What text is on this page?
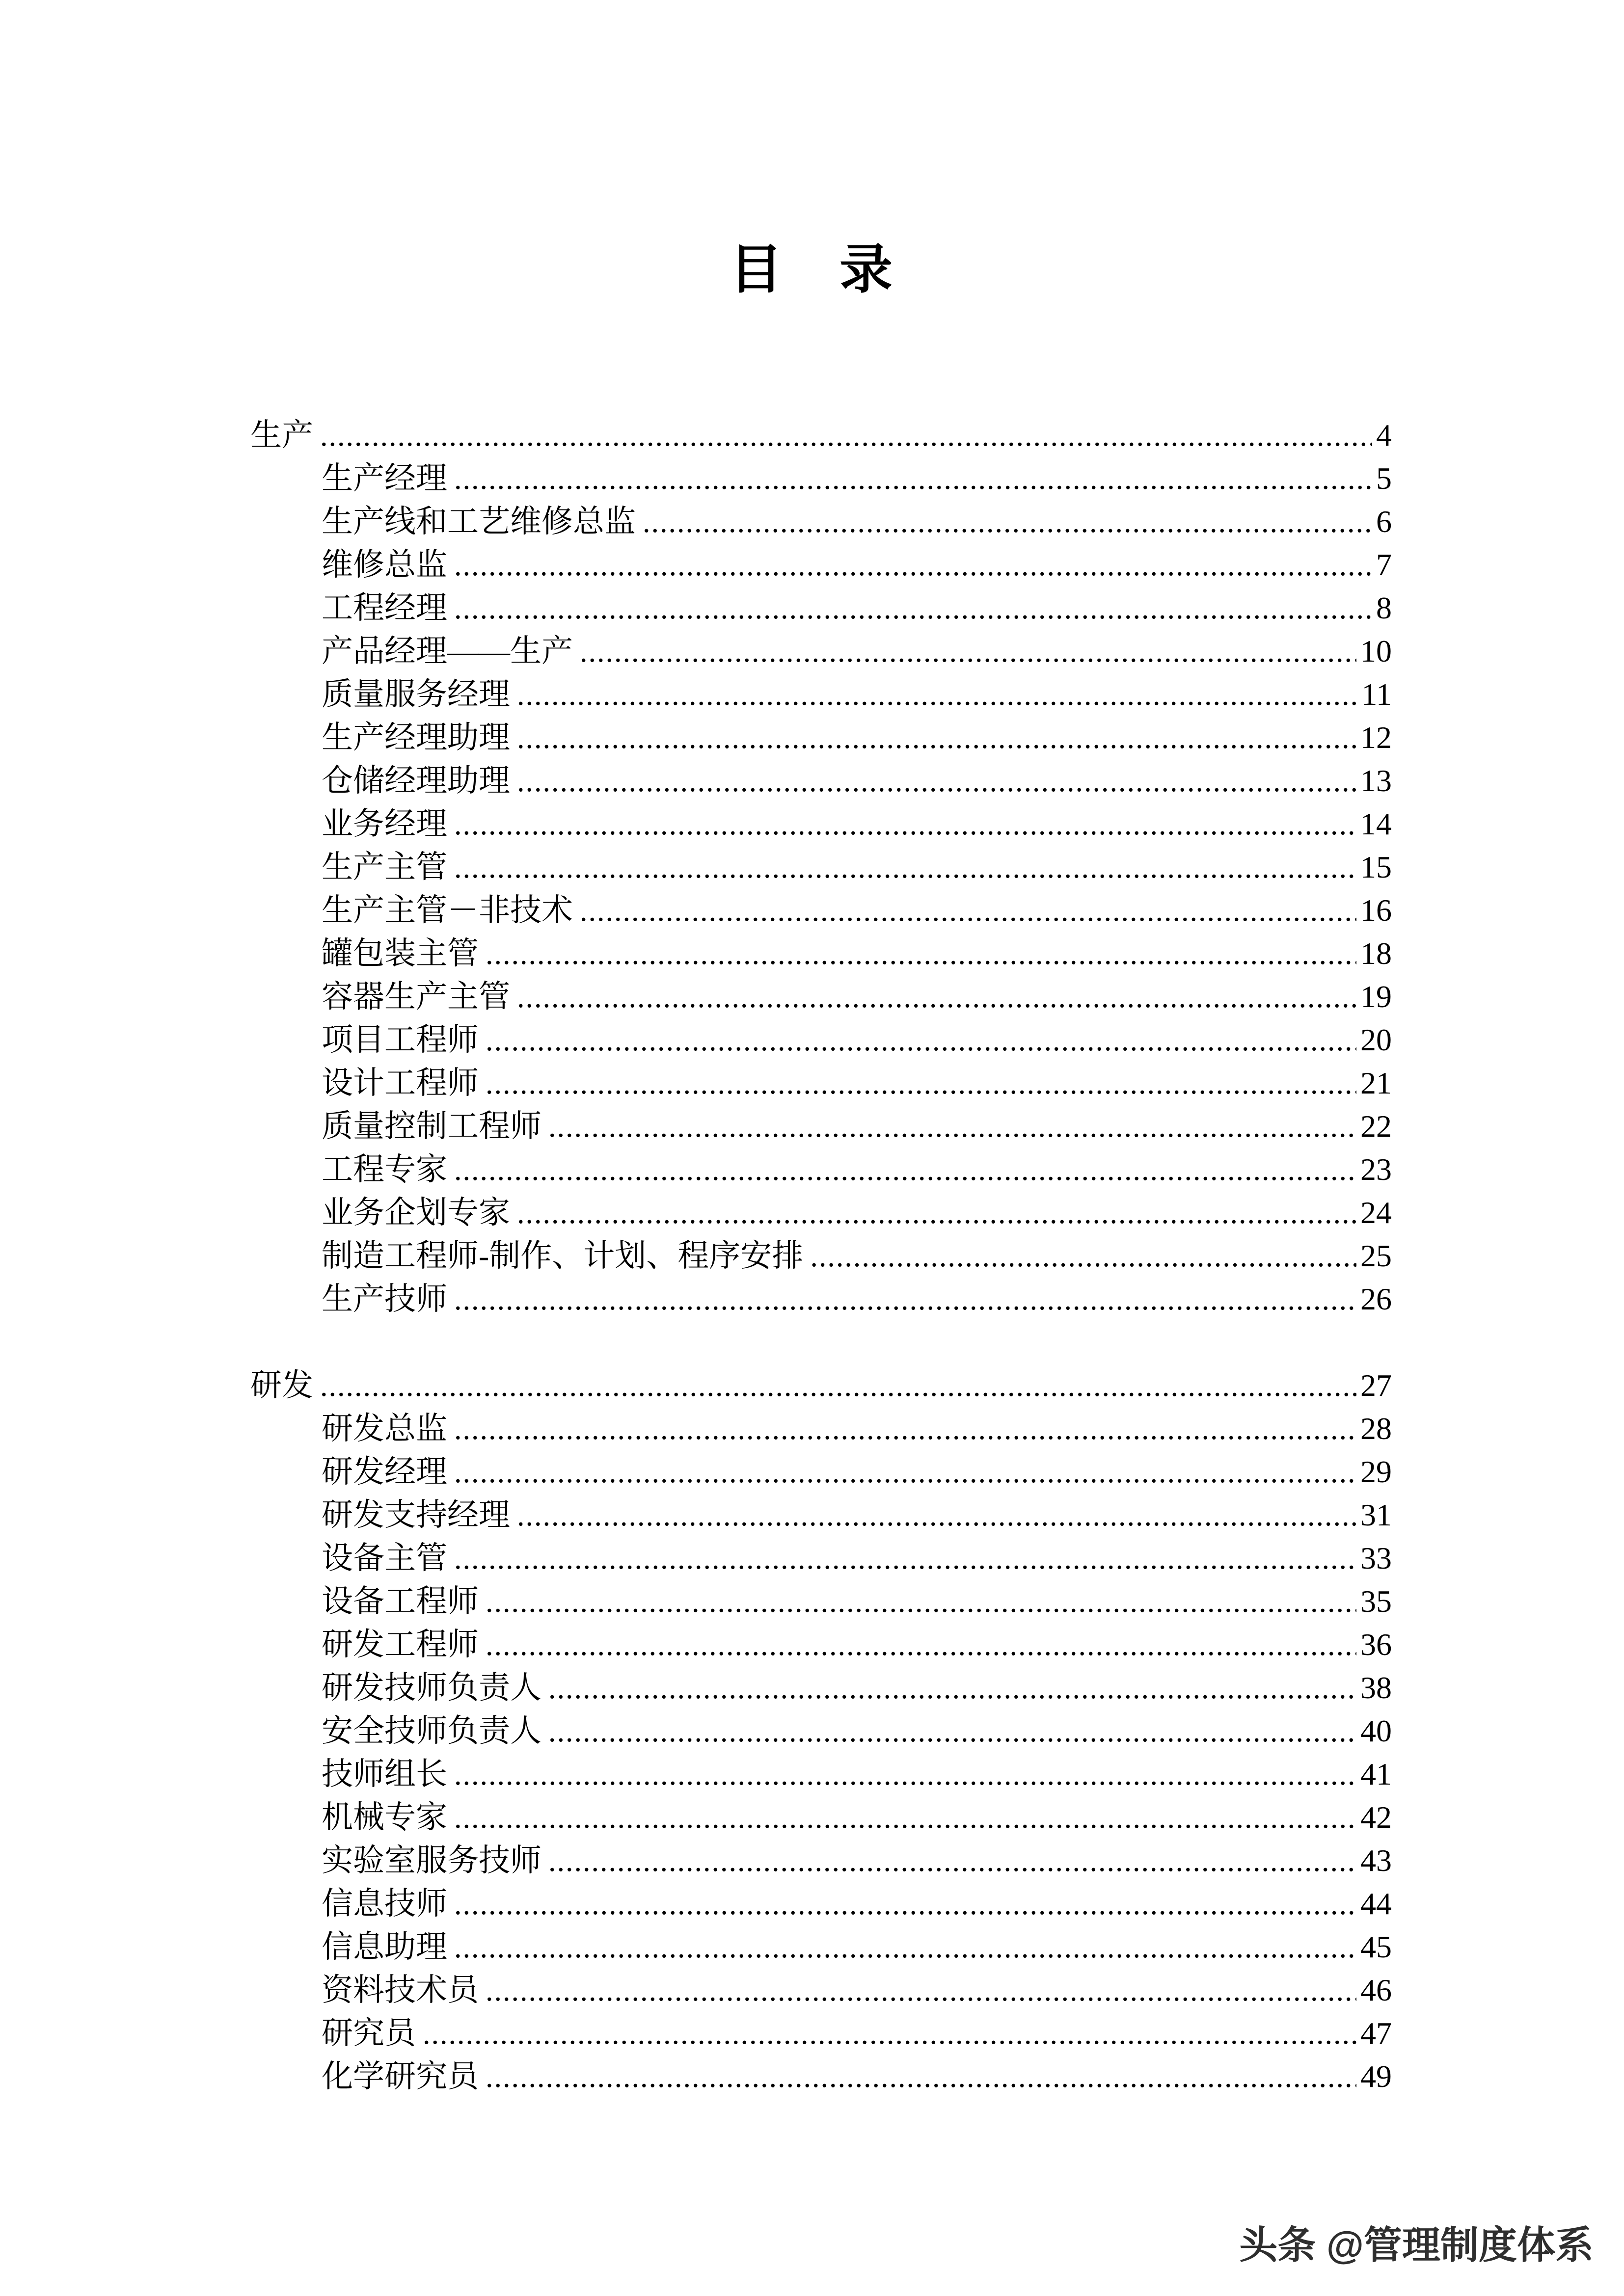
目　录
生 产 .....	4
生产经理 .....	5
生产线和工艺维修总监 .....	6
维修总监 .....	7
工程经理 .....	8
产品经理——生产 .....	10
质量服务经理 .....	11
生产经理助理 .....	12
仓储经理助理 .....	13
业务经理 .....	14
生产主管 .....	15
生产主管－非技术 .....	16
罐包装主管 .....	18
容器生产主管 .....	19
项目工程师 .....	20
设计工程师 .....	21
质量控制工程师 .....	22
工程专家 .....	23
业务企划专家 .....	24
制造工程师-制作、计划、程序安排 .....	25
生产技师 .....	26
研 发 .....	27
研发总监 .....	28
研发经理 .....	29
研发支持经理 .....	31
设备主管 .....	33
设备工程师 .....	35
研发工程师 .....	36
研发技师负责人 .....	38
安全技师负责人 .....	40
技师组长 .....	41
机械专家 .....	42
实验室服务技师 .....	43
信息技师 .....	44
信息助理 .....	45
资料技术员 .....	46
研究员 .....	47
化学研究员 .....	49
头条 @管理制度体系
